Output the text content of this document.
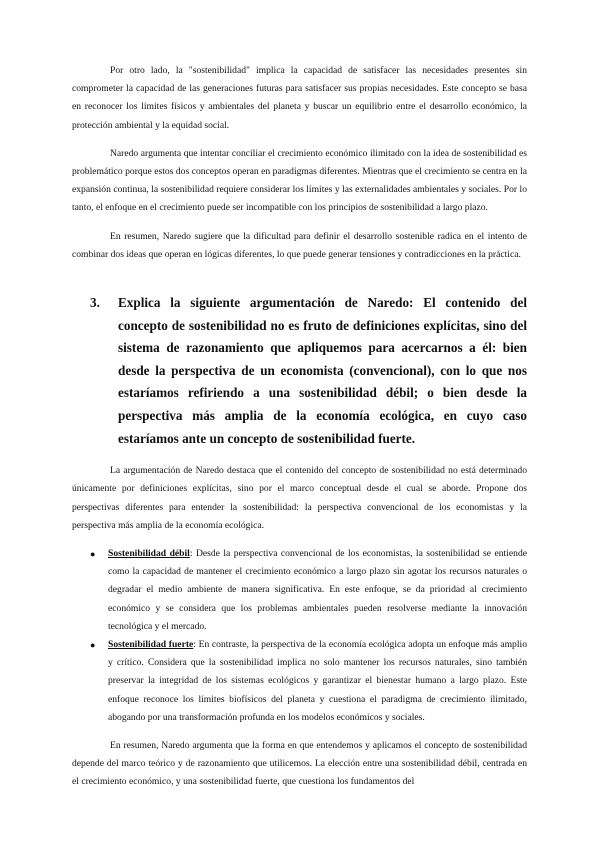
Por otro lado, la "sostenibilidad" implica la capacidad de satisfacer las necesidades presentes sin comprometer la capacidad de las generaciones futuras para satisfacer sus propias necesidades. Este concepto se basa en reconocer los límites físicos y ambientales del planeta y buscar un equilibrio entre el desarrollo económico, la protección ambiental y la equidad social.

Naredo argumenta que intentar conciliar el crecimiento económico ilimitado con la idea de sostenibilidad es problemático porque estos dos conceptos operan en paradigmas diferentes. Mientras que el crecimiento se centra en la expansión continua, la sostenibilidad requiere considerar los límites y las externalidades ambientales y sociales. Por lo tanto, el enfoque en el crecimiento puede ser incompatible con los principios de sostenibilidad a largo plazo.

En resumen, Naredo sugiere que la dificultad para definir el desarrollo sostenible radica en el intento de combinar dos ideas que operan en lógicas diferentes, lo que puede generar tensiones y contradicciones en la práctica.

3.	Explica la siguiente argumentación de Naredo: El contenido del concepto de sostenibilidad no es fruto de definiciones explícitas, sino del sistema de razonamiento que apliquemos para acercarnos a él: bien desde la perspectiva de un economista (convencional), con lo que nos estaríamos refiriendo a una sostenibilidad débil; o bien desde la perspectiva más amplia de la economía ecológica, en cuyo caso estaríamos ante un concepto de sostenibilidad fuerte.

La argumentación de Naredo destaca que el contenido del concepto de sostenibilidad no está determinado únicamente por definiciones explícitas, sino por el marco conceptual desde el cual se aborde. Propone dos perspectivas diferentes para entender la sostenibilidad: la perspectiva convencional de los economistas y la perspectiva más amplia de la economía ecológica.

●	Sostenibilidad débil: Desde la perspectiva convencional de los economistas, la sostenibilidad se entiende como la capacidad de mantener el crecimiento económico a largo plazo sin agotar los recursos naturales o degradar el medio ambiente de manera significativa. En este enfoque, se da prioridad al crecimiento económico y se considera que los problemas ambientales pueden resolverse mediante la innovación tecnológica y el mercado.
●	Sostenibilidad fuerte: En contraste, la perspectiva de la economía ecológica adopta un enfoque más amplio y crítico. Considera que la sostenibilidad implica no solo mantener los recursos naturales, sino también preservar la integridad de los sistemas ecológicos y garantizar el bienestar humano a largo plazo. Este enfoque reconoce los límites biofísicos del planeta y cuestiona el paradigma de crecimiento ilimitado, abogando por una transformación profunda en los modelos económicos y sociales.

En resumen, Naredo argumenta que la forma en que entendemos y aplicamos el concepto de sostenibilidad depende del marco teórico y de razonamiento que utilicemos. La elección entre una sostenibilidad débil, centrada en el crecimiento económico, y una sostenibilidad fuerte, que cuestiona los fundamentos del
